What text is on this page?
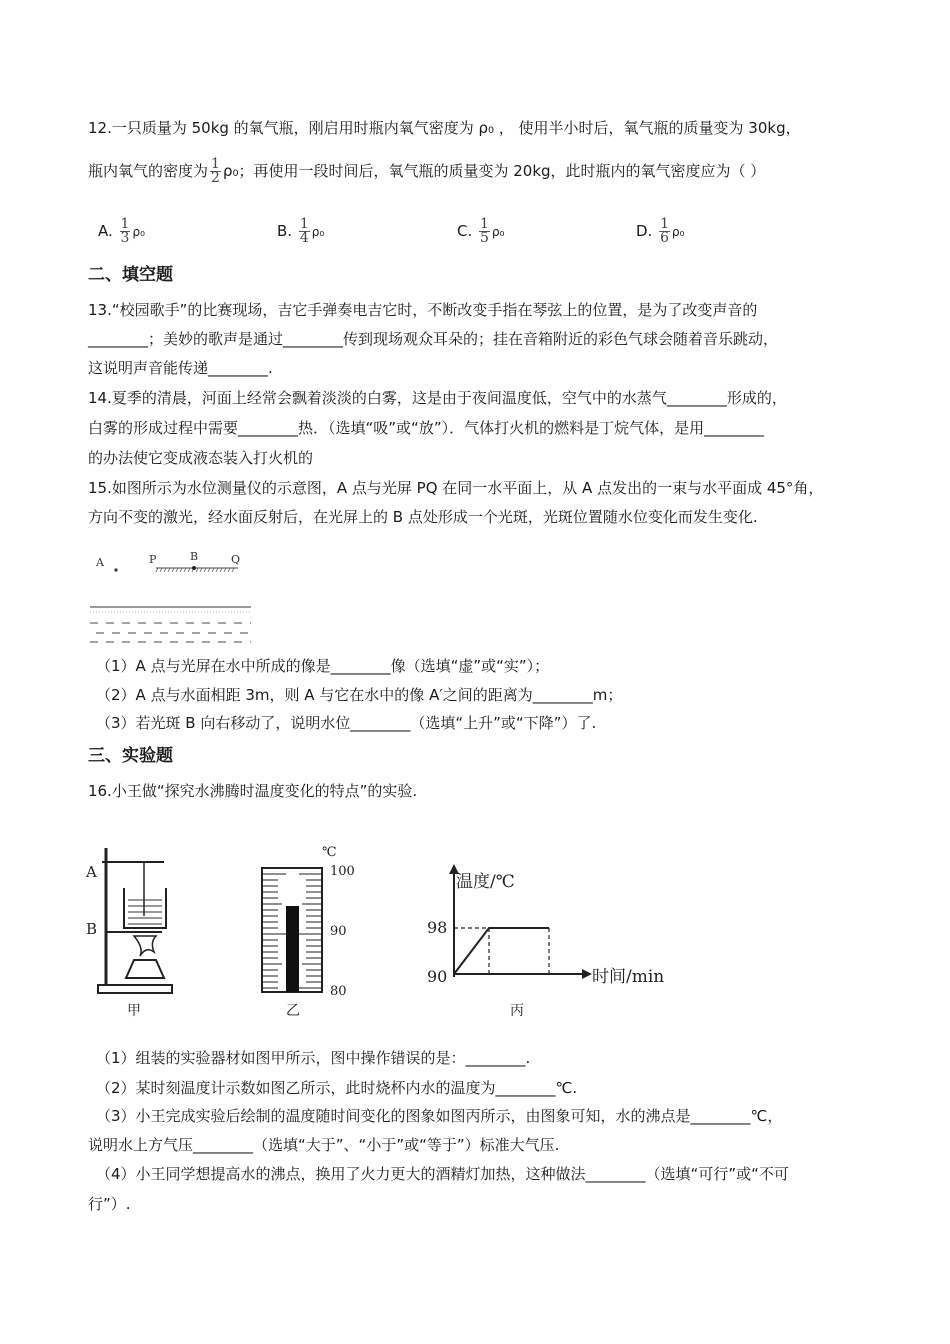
12.一只质量为 50kg 的氧气瓶，刚启用时瓶内氧气密度为 ρ₀ ， 使用半小时后，氧气瓶的质量变为 30kg，
瓶内氧气的密度为 $\frac{1}{2} \rho_0$；再使用一段时间后，氧气瓶的质量变为 20kg，此时瓶内的氧气密度应为（ ）
A. $\frac{1}{3} \rho_0$	B. $\frac{1}{4} \rho_0$	C. $\frac{1}{5} \rho_0$	D. $\frac{1}{6} \rho_0$
二、填空题
13.“校园歌手”的比赛现场，吉它手弹奏电吉它时，不断改变手指在琴弦上的位置，是为了改变声音的
________；美妙的歌声是通过________传到现场观众耳朵的；挂在音箱附近的彩色气球会随着音乐跳动，
这说明声音能传递________.
14.夏季的清晨，河面上经常会飘着淡淡的白雾，这是由于夜间温度低，空气中的水蒸气________形成的，
白雾的形成过程中需要________热．（选填“吸”或“放”）．气体打火机的燃料是丁烷气体，是用________
的办法使它变成液态装入打火机的
15.如图所示为水位测量仪的示意图，A 点与光屏 PQ 在同一水平面上，从 A 点发出的一束与水平面成 45°角，
方向不变的激光，经水面反射后，在光屏上的 B 点处形成一个光斑，光斑位置随水位变化而发生变化.
A	P	B	Q
（1）A 点与光屏在水中所成的像是________像（选填“虚”或“实”）；
（2）A 点与水面相距 3m，则 A 与它在水中的像 A′之间的距离为________m；
（3）若光斑 B 向右移动了，说明水位________（选填“上升”或“下降”）了.
三、实验题
16.小王做“探究水沸腾时温度变化的特点”的实验.
A
B
甲
℃
100
90
80
乙
温度/℃
时间/min
98
90
丙
（1）组装的实验器材如图甲所示，图中操作错误的是：________.
（2）某时刻温度计示数如图乙所示，此时烧杯内水的温度为________℃.
（3）小王完成实验后绘制的温度随时间变化的图象如图丙所示，由图象可知，水的沸点是________℃，
说明水上方气压________（选填“大于”、“小于”或“等于”）标准大气压.
（4）小王同学想提高水的沸点，换用了火力更大的酒精灯加热，这种做法________（选填“可行”或“不可
行”）.
